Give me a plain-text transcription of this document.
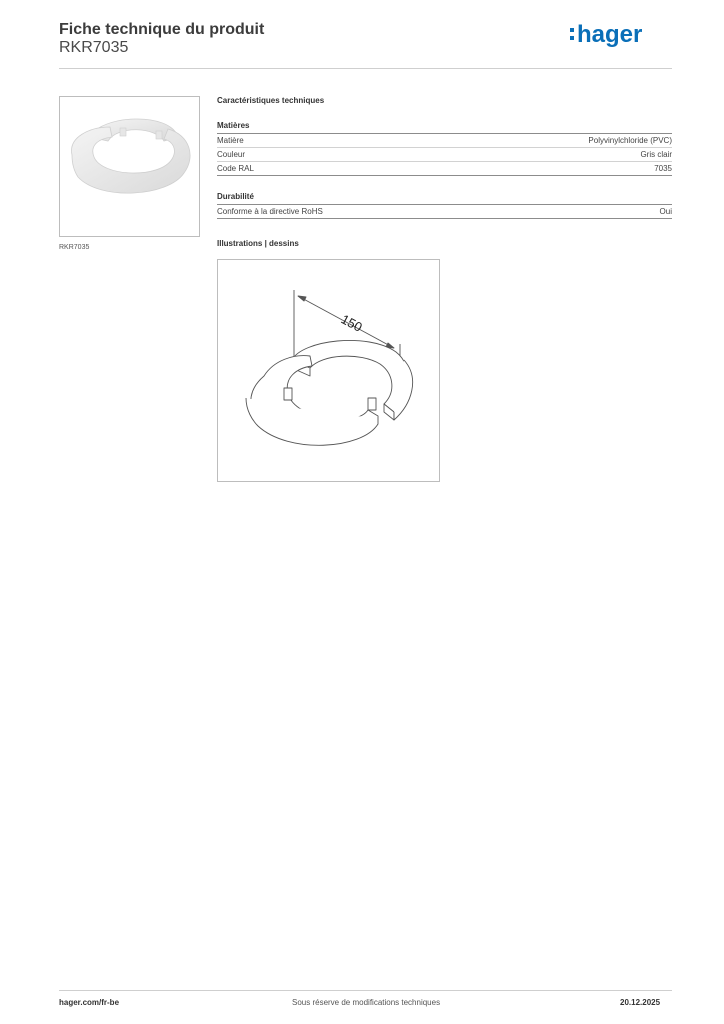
Fiche technique du produit
RKR7035	hager
RKR7035
Caractéristiques techniques
Matières
Matière	Polyvinylchloride (PVC)
Couleur	Gris clair
Code RAL	7035
Durabilité
Conforme à la directive RoHS	Oui
Illustrations | dessins
150
hager.com/fr-be	Sous réserve de modifications techniques	20.12.2025
